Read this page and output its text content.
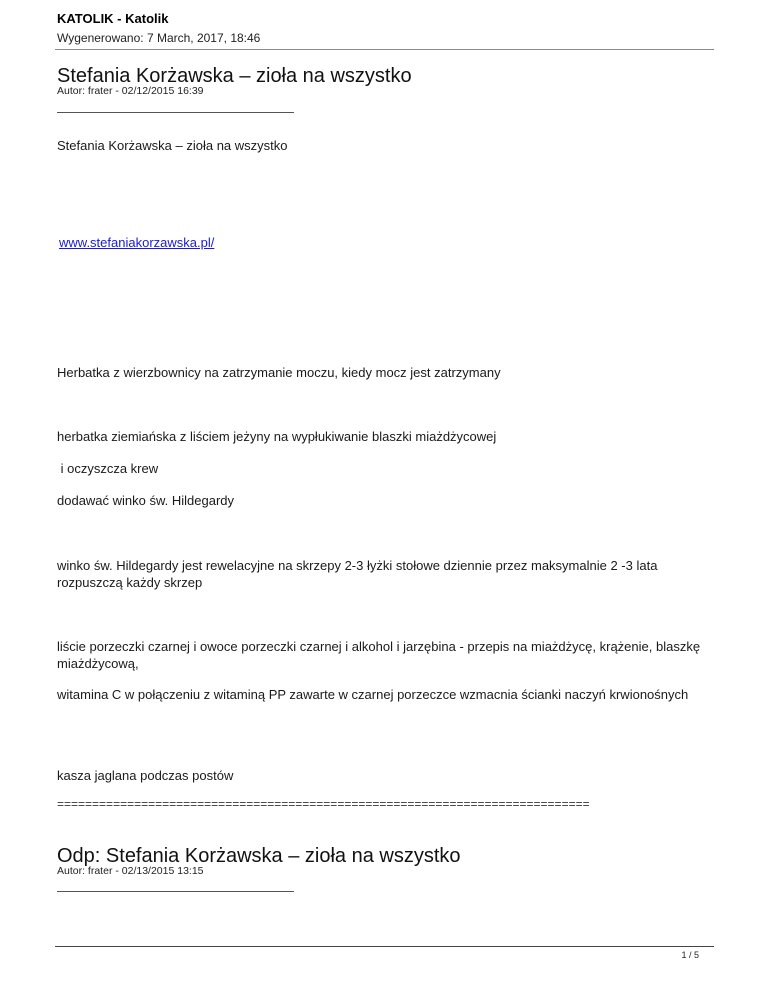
KATOLIK - Katolik
Wygenerowano: 7 March, 2017, 18:46
Stefania Korżawska – zioła na wszystko
Autor: frater - 02/12/2015 16:39
Stefania Korżawska – zioła na wszystko
www.stefaniakorzawska.pl/
Herbatka z wierzbownicy na zatrzymanie moczu, kiedy mocz jest zatrzymany
herbatka ziemiańska z liściem jeżyny na wypłukiwanie blaszki miażdżycowej
i oczyszcza krew
dodawać winko św. Hildegardy
winko św. Hildegardy jest rewelacyjne na skrzepy 2-3 łyżki stołowe dziennie przez maksymalnie 2 -3 lata rozpuszczą każdy skrzep
liście porzeczki czarnej i owoce porzeczki czarnej i alkohol i jarzębina - przepis na miażdżycę, krążenie, blaszkę miażdżycową,
witamina C w połączeniu z witaminą PP zawarte w czarnej porzeczce wzmacnia ścianki naczyń krwionośnych
kasza jaglana podczas postów
============================================================================
Odp: Stefania Korżawska – zioła na wszystko
Autor: frater - 02/13/2015 13:15
1 / 5
